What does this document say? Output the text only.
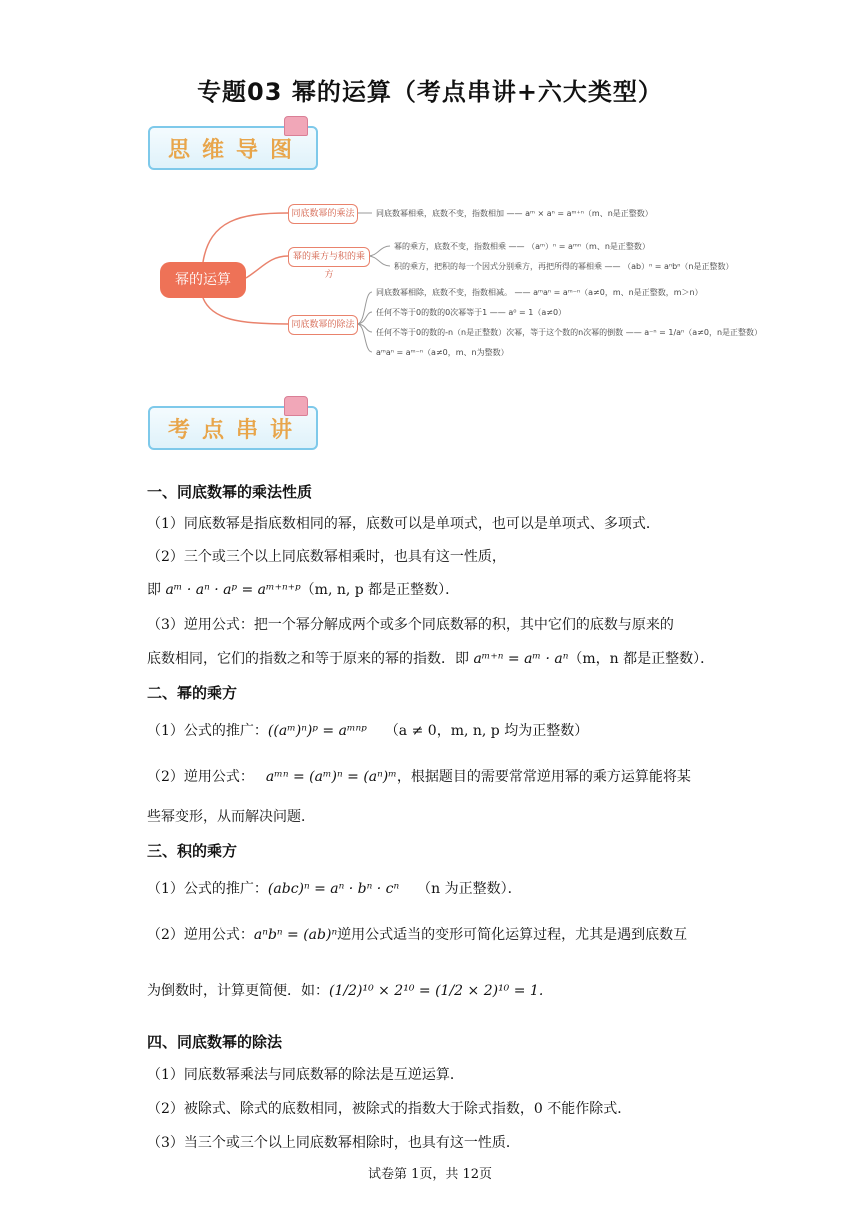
专题03 幂的运算（考点串讲+六大类型）
思维导图
幂的运算
同底数幂的乘法
幂的乘方与积的乘方
同底数幂的除法
同底数幂相乘，底数不变，指数相加 —— aᵐ × aⁿ = aᵐ⁺ⁿ（m、n是正整数）
幂的乘方，底数不变，指数相乘 —— （aᵐ）ⁿ = aᵐⁿ（m、n是正整数）
积的乘方，把积的每一个因式分别乘方，再把所得的幂相乘 —— （ab）ⁿ = aⁿbⁿ（n是正整数）
同底数幂相除，底数不变，指数相减。 —— aᵐaⁿ = aᵐ⁻ⁿ（a≠0，m、n是正整数，m＞n）
任何不等于0的数的0次幂等于1 —— a⁰ = 1（a≠0）
任何不等于0的数的-n（n是正整数）次幂，等于这个数的n次幂的倒数 —— a⁻ⁿ = 1/aⁿ（a≠0，n是正整数）
aᵐaⁿ = aᵐ⁻ⁿ（a≠0，m、n为整数）
考点串讲
一、同底数幂的乘法性质
（1）同底数幂是指底数相同的幂，底数可以是单项式，也可以是单项式、多项式．
（2）三个或三个以上同底数幂相乘时，也具有这一性质，
即 aᵐ · aⁿ · aᵖ = aᵐ⁺ⁿ⁺ᵖ（m, n, p 都是正整数）．
（3）逆用公式：把一个幂分解成两个或多个同底数幂的积，其中它们的底数与原来的
底数相同，它们的指数之和等于原来的幂的指数．即 aᵐ⁺ⁿ = aᵐ · aⁿ（m，n 都是正整数）．
二、幂的乘方
（1）公式的推广：((aᵐ)ⁿ)ᵖ = aᵐⁿᵖ （a ≠ 0，m, n, p 均为正整数）
（2）逆用公式： aᵐⁿ = (aᵐ)ⁿ = (aⁿ)ᵐ，根据题目的需要常常逆用幂的乘方运算能将某
些幂变形，从而解决问题．
三、积的乘方
（1）公式的推广：(abc)ⁿ = aⁿ · bⁿ · cⁿ （n 为正整数）．
（2）逆用公式：aⁿbⁿ = (ab)ⁿ逆用公式适当的变形可简化运算过程，尤其是遇到底数互
为倒数时，计算更简便．如：(1/2)¹⁰ × 2¹⁰ = (1/2 × 2)¹⁰ = 1.
四、同底数幂的除法
（1）同底数幂乘法与同底数幂的除法是互逆运算．
（2）被除式、除式的底数相同，被除式的指数大于除式指数，0 不能作除式．
（3）当三个或三个以上同底数幂相除时，也具有这一性质．
试卷第 1页，共 12页
